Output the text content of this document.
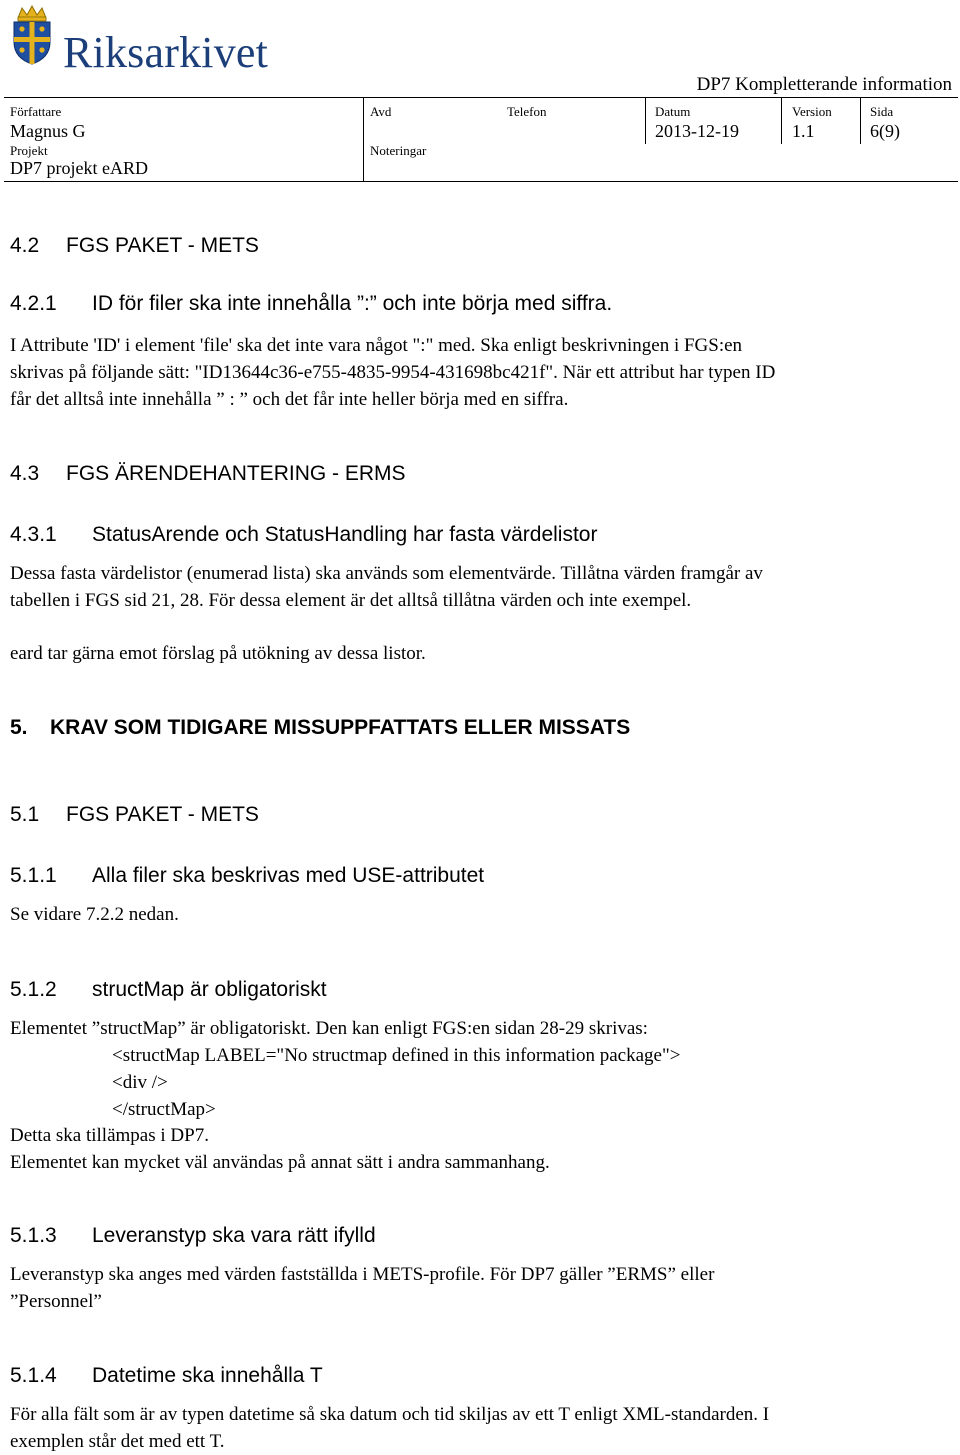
Riksarkivet
DP7 Kompletterande information
Författare
Magnus G
Avd	Telefon	Datum
2013-12-19
Version
1.1
Sida
6(9)
Projekt
DP7 projekt eARD
Noteringar
4.2 FGS PAKET - METS
4.2.1 ID för filer ska inte innehålla ”:” och inte börja med siffra.
I Attribute 'ID' i element 'file' ska det inte vara något ":" med. Ska enligt beskrivningen i FGS:en
skrivas på följande sätt: "ID13644c36-e755-4835-9954-431698bc421f". När ett attribut har typen ID
får det alltså inte innehålla ” : ” och det får inte heller börja med en siffra.
4.3 FGS ÄRENDEHANTERING - ERMS
4.3.1 StatusArende och StatusHandling har fasta värdelistor
Dessa fasta värdelistor (enumerad lista) ska används som elementvärde. Tillåtna värden framgår av
tabellen i FGS sid 21, 28. För dessa element är det alltså tillåtna värden och inte exempel.
eard tar gärna emot förslag på utökning av dessa listor.
5. KRAV SOM TIDIGARE MISSUPPFATTATS ELLER MISSATS
5.1 FGS PAKET - METS
5.1.1 Alla filer ska beskrivas med USE-attributet
Se vidare 7.2.2 nedan.
5.1.2 structMap är obligatoriskt
Elementet ”structMap” är obligatoriskt. Den kan enligt FGS:en sidan 28-29 skrivas:
<structMap LABEL="No structmap defined in this information package">
<div />
</structMap>
Detta ska tillämpas i DP7.
Elementet kan mycket väl användas på annat sätt i andra sammanhang.
5.1.3 Leveranstyp ska vara rätt ifylld
Leveranstyp ska anges med värden fastställda i METS-profile. För DP7 gäller ”ERMS” eller
”Personnel”
5.1.4 Datetime ska innehålla T
För alla fält som är av typen datetime så ska datum och tid skiljas av ett T enligt XML-standarden. I
exemplen står det med ett T.
